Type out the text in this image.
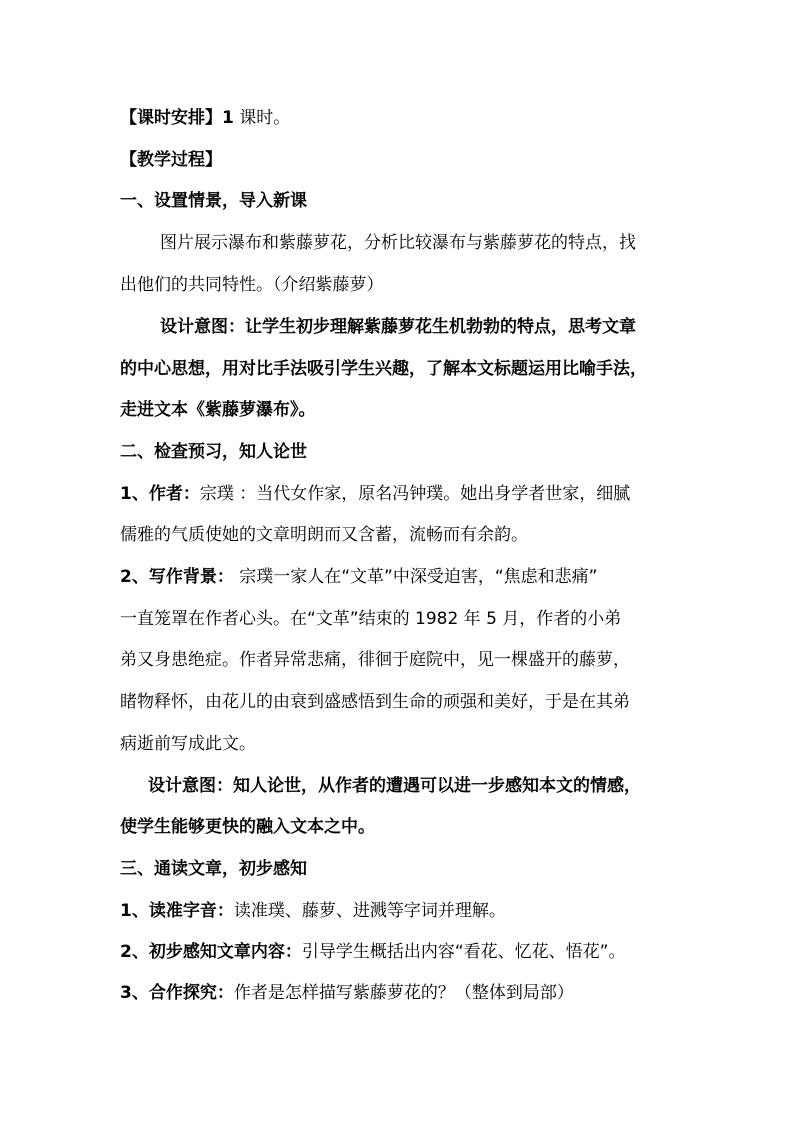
【课时安排】1 课时。
【教学过程】
一、设置情景，导入新课
图片展示瀑布和紫藤萝花，分析比较瀑布与紫藤萝花的特点，找
出他们的共同特性。（介绍紫藤萝）
设计意图：让学生初步理解紫藤萝花生机勃勃的特点，思考文章
的中心思想，用对比手法吸引学生兴趣，了解本文标题运用比喻手法，
走进文本《紫藤萝瀑布》。
二、检查预习，知人论世
1、作者：宗璞 ：当代女作家，原名冯钟璞。她出身学者世家，细腻
儒雅的气质使她的文章明朗而又含蓄，流畅而有余韵。
2、写作背景： 宗璞一家人在“文革”中深受迫害，“焦虑和悲痛”
一直笼罩在作者心头。在“文革”结束的 1982 年 5 月，作者的小弟
弟又身患绝症。作者异常悲痛，徘徊于庭院中，见一棵盛开的藤萝，
睹物释怀，由花儿的由衰到盛感悟到生命的顽强和美好，于是在其弟
病逝前写成此文。
设计意图：知人论世，从作者的遭遇可以进一步感知本文的情感，
使学生能够更快的融入文本之中。
三、通读文章，初步感知
1、读准字音：读准璞、藤萝、进溅等字词并理解。
2、初步感知文章内容：引导学生概括出内容“看花、忆花、悟花”。
3、合作探究：作者是怎样描写紫藤萝花的？（整体到局部）
